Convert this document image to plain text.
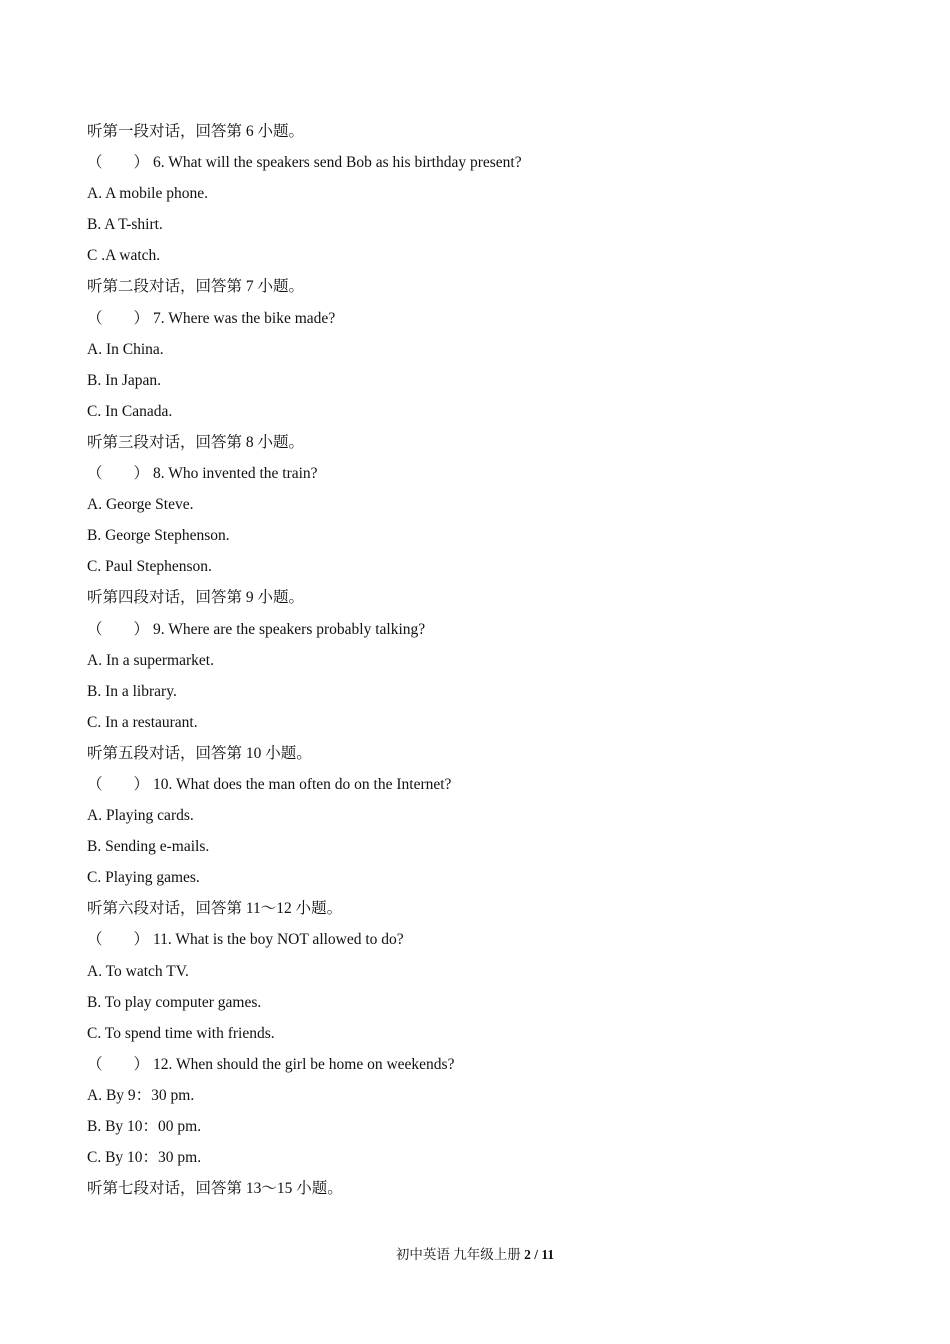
听第一段对话，回答第 6 小题。
（        ） 6. What will the speakers send Bob as his birthday present?
A. A mobile phone.
B. A T-shirt.
C .A watch.
听第二段对话，回答第 7 小题。
（        ） 7. Where was the bike made?
A. In China.
B. In Japan.
C. In Canada.
听第三段对话，回答第 8 小题。
（        ） 8. Who invented the train?
A. George Steve.
B. George Stephenson.
C. Paul Stephenson.
听第四段对话，回答第 9 小题。
（        ） 9. Where are the speakers probably talking?
A. In a supermarket.
B. In a library.
C. In a restaurant.
听第五段对话，回答第 10 小题。
（        ） 10. What does the man often do on the Internet?
A. Playing cards.
B. Sending e-mails.
C. Playing games.
听第六段对话，回答第 11～12 小题。
（        ） 11. What is the boy NOT allowed to do?
A. To watch TV.
B. To play computer games.
C. To spend time with friends.
（        ） 12. When should the girl be home on weekends?
A. By 9：30 pm.
B. By 10：00 pm.
C. By 10：30 pm.
听第七段对话，回答第 13～15 小题。
初中英语 九年级上册 2 / 11
